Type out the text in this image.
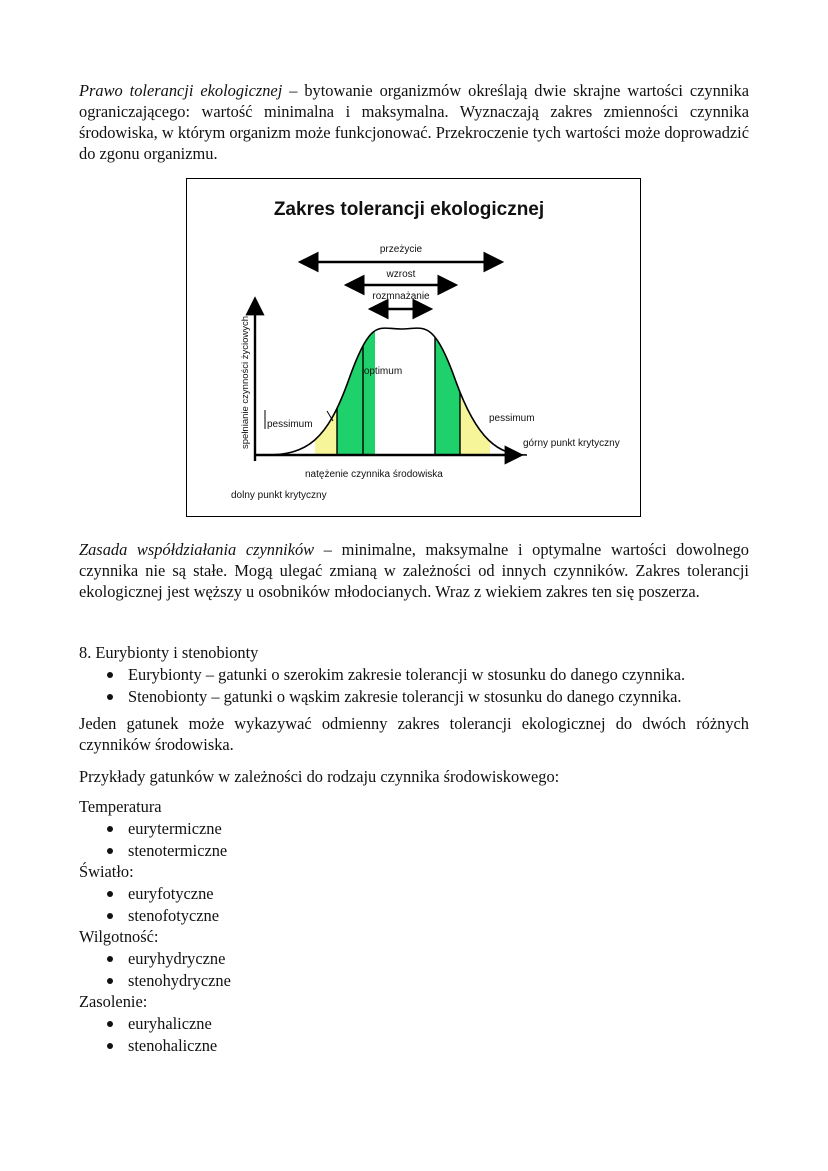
Prawo tolerancji ekologicznej – bytowanie organizmów określają dwie skrajne wartości czynnika ograniczającego: wartość minimalna i maksymalna. Wyznaczają zakres zmienności czynnika środowiska, w którym organizm może funkcjonować. Przekroczenie tych wartości może doprowadzić do zgonu organizmu.

Zakres tolerancji ekologicznej
przeżycie
wzrost
rozmnażanie
optimum
pessimum
pessimum
górny punkt krytyczny
natężenie czynnika środowiska
dolny punkt krytyczny
spełnianie czynności życiowych

Zasada współdziałania czynników – minimalne, maksymalne i optymalne wartości dowolnego czynnika nie są stałe. Mogą ulegać zmianą w zależności od innych czynników. Zakres tolerancji ekologicznej jest węższy u osobników młodocianych. Wraz z wiekiem zakres ten się poszerza.

8. Eurybionty i stenobionty

Eurybionty – gatunki o szerokim zakresie tolerancji w stosunku do danego czynnika.

Stenobionty – gatunki o wąskim zakresie tolerancji w stosunku do danego czynnika.

Jeden gatunek może wykazywać odmienny zakres tolerancji ekologicznej do dwóch różnych czynników środowiska.

Przykłady gatunków w zależności do rodzaju czynnika środowiskowego:

Temperatura

eurytermiczne

stenotermiczne

Światło:

euryfotyczne

stenofotyczne

Wilgotność:

euryhydryczne

stenohydryczne

Zasolenie:

euryhaliczne

stenohaliczne
